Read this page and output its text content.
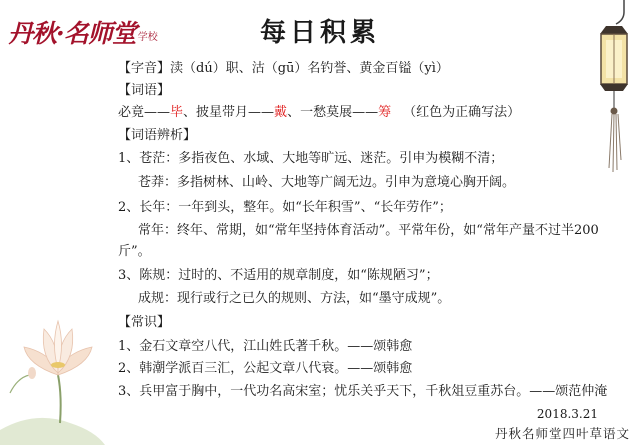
丹秋·名师堂 学校	每日积累
【字音】渎（dú）职、沽（gū）名钓誉、黄金百镒（yì）
【词语】
必竟——毕、披星带月——戴、一愁莫展——筹 （红色为正确写法）
【词语辨析】
1、苍茫：多指夜色、水域、大地等旷远、迷茫。引申为模糊不清；
苍莽：多指树林、山岭、大地等广阔无边。引申为意境心胸开阔。
2、长年：一年到头，整年。如“长年积雪”、“长年劳作”；
常年：终年、常期，如“常年坚持体育活动”。平常年份，如“常年产量不过半200
斤”。
3、陈规：过时的、不适用的规章制度，如“陈规陋习”；
成规：现行或行之已久的规则、方法，如“墨守成规”。
【常识】
1、金石文章空八代，江山姓氏著千秋。——颂韩愈
2、韩潮学派百三汇，公起文章八代衰。——颂韩愈
3、兵甲富于胸中，一代功名高宋室；忧乐关乎天下，千秋俎豆重苏台。——颂范仲淹
2018.3.21
丹秋名师堂四叶草语文
